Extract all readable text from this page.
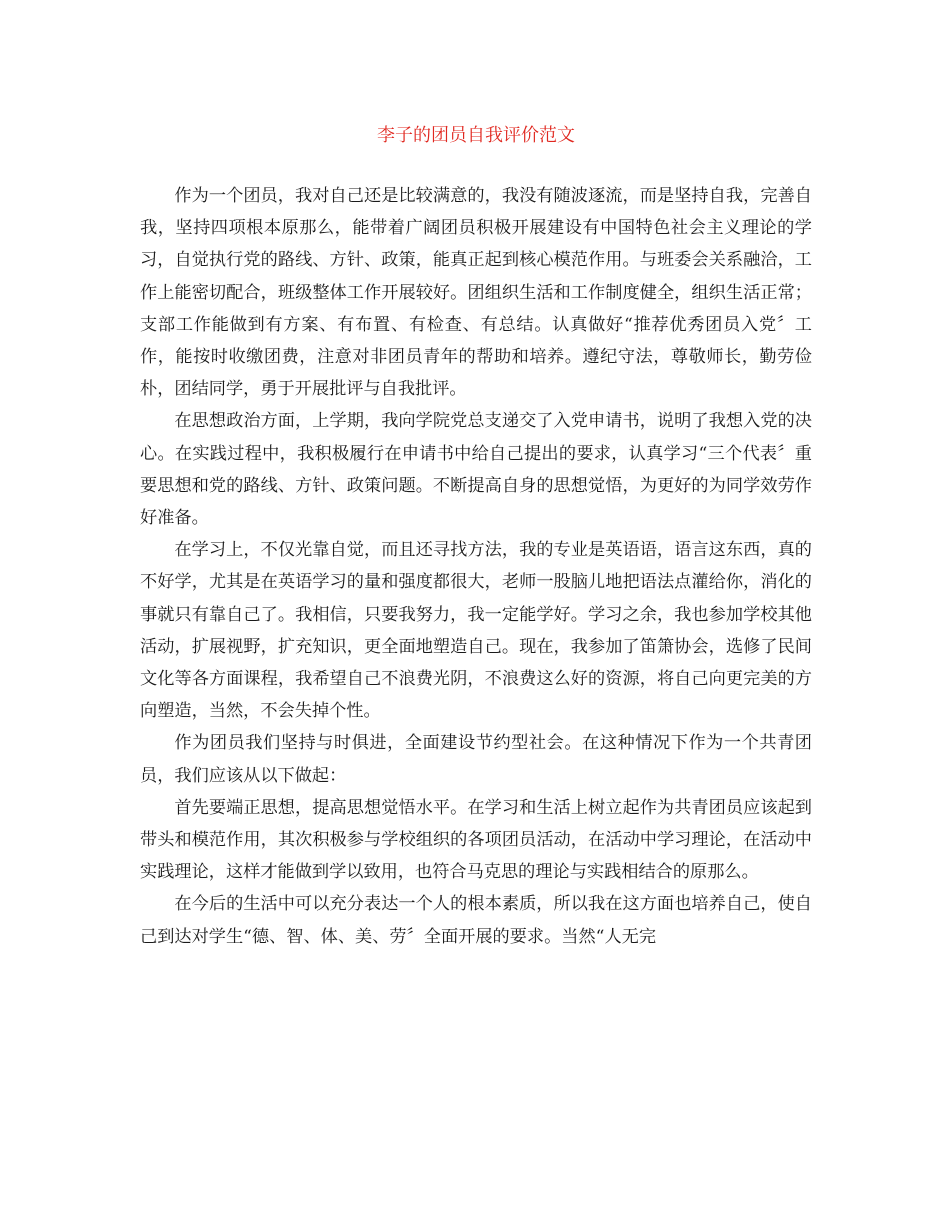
李子的团员自我评价范文

作为一个团员，我对自己还是比较满意的，我没有随波逐流，而是坚持自我，完善自我，坚持四项根本原那么，能带着广阔团员积极开展建设有中国特色社会主义理论的学习，自觉执行党的路线、方针、政策，能真正起到核心模范作用。与班委会关系融洽，工作上能密切配合，班级整体工作开展较好。团组织生活和工作制度健全，组织生活正常；支部工作能做到有方案、有布置、有检查、有总结。认真做好“推荐优秀团员入党〞工作，能按时收缴团费，注意对非团员青年的帮助和培养。遵纪守法，尊敬师长，勤劳俭朴，团结同学，勇于开展批评与自我批评。

在思想政治方面，上学期，我向学院党总支递交了入党申请书，说明了我想入党的决心。在实践过程中，我积极履行在申请书中给自己提出的要求，认真学习“三个代表〞重要思想和党的路线、方针、政策问题。不断提高自身的思想觉悟，为更好的为同学效劳作好准备。

在学习上，不仅光靠自觉，而且还寻找方法，我的专业是英语语，语言这东西，真的不好学，尤其是在英语学习的量和强度都很大，老师一股脑儿地把语法点灌给你，消化的事就只有靠自己了。我相信，只要我努力，我一定能学好。学习之余，我也参加学校其他活动，扩展视野，扩充知识，更全面地塑造自己。现在，我参加了笛箫协会，选修了民间文化等各方面课程，我希望自己不浪费光阴，不浪费这么好的资源，将自己向更完美的方向塑造，当然，不会失掉个性。

作为团员我们坚持与时俱进，全面建设节约型社会。在这种情况下作为一个共青团员，我们应该从以下做起：

首先要端正思想，提高思想觉悟水平。在学习和生活上树立起作为共青团员应该起到带头和模范作用，其次积极参与学校组织的各项团员活动，在活动中学习理论，在活动中实践理论，这样才能做到学以致用，也符合马克思的理论与实践相结合的原那么。

在今后的生活中可以充分表达一个人的根本素质，所以我在这方面也培养自己，使自己到达对学生“德、智、体、美、劳〞全面开展的要求。当然“人无完
